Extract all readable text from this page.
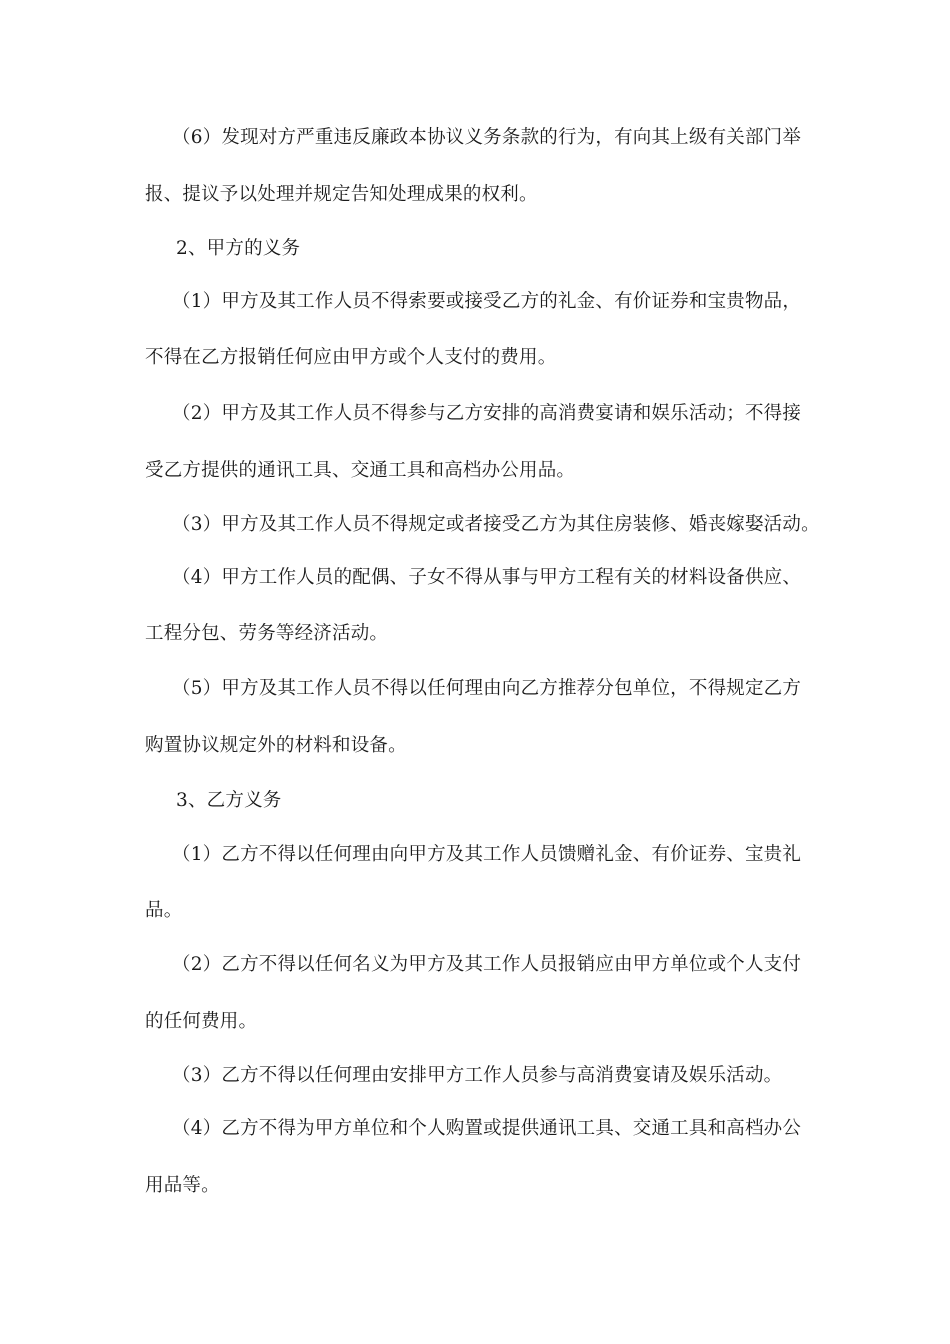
（6）发现对方严重违反廉政本协议义务条款的行为，有向其上级有关部门举
报、提议予以处理并规定告知处理成果的权利。
2、甲方的义务
（1）甲方及其工作人员不得索要或接受乙方的礼金、有价证券和宝贵物品，
不得在乙方报销任何应由甲方或个人支付的费用。
（2）甲方及其工作人员不得参与乙方安排的高消费宴请和娱乐活动；不得接
受乙方提供的通讯工具、交通工具和高档办公用品。
（3）甲方及其工作人员不得规定或者接受乙方为其住房装修、婚丧嫁娶活动。
（4）甲方工作人员的配偶、子女不得从事与甲方工程有关的材料设备供应、
工程分包、劳务等经济活动。
（5）甲方及其工作人员不得以任何理由向乙方推荐分包单位，不得规定乙方
购置协议规定外的材料和设备。
3、乙方义务
（1）乙方不得以任何理由向甲方及其工作人员馈赠礼金、有价证券、宝贵礼
品。
（2）乙方不得以任何名义为甲方及其工作人员报销应由甲方单位或个人支付
的任何费用。
（3）乙方不得以任何理由安排甲方工作人员参与高消费宴请及娱乐活动。
（4）乙方不得为甲方单位和个人购置或提供通讯工具、交通工具和高档办公
用品等。
